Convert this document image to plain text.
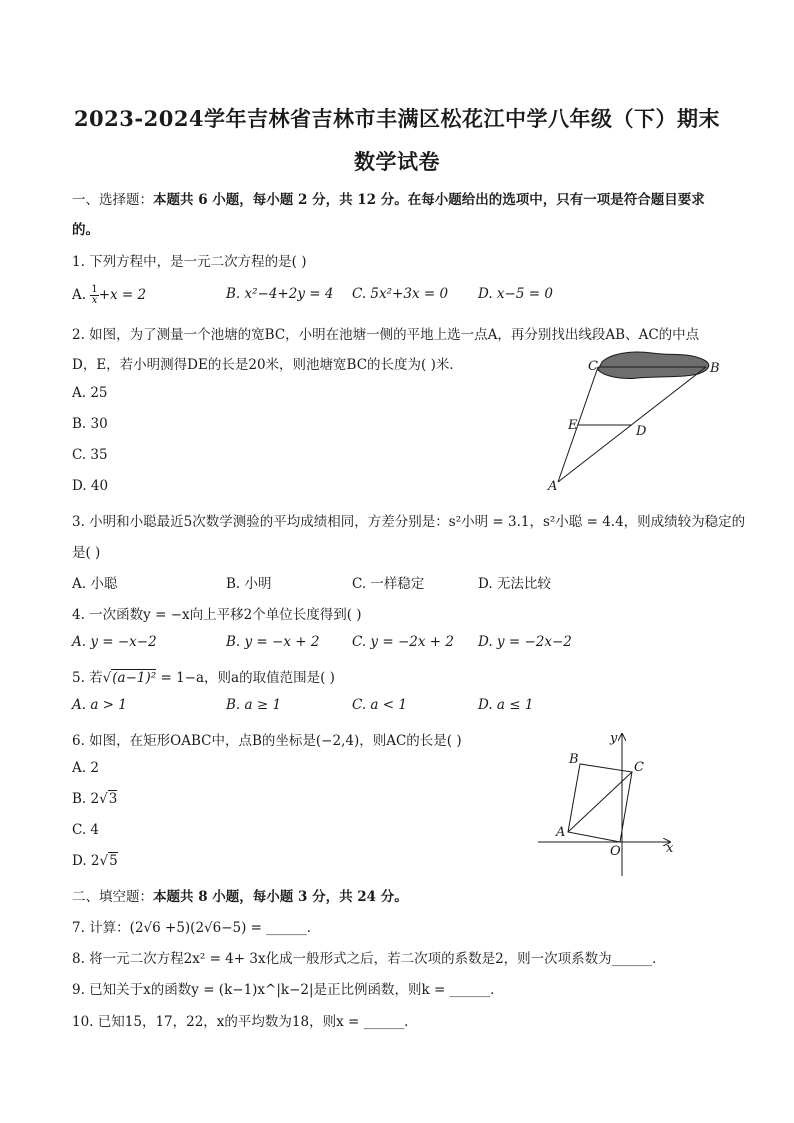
2023-2024学年吉林省吉林市丰满区松花江中学八年级（下）期末
数学试卷
一、选择题：本题共 6 小题，每小题 2 分，共 12 分。在每小题给出的选项中，只有一项是符合题目要求
的。
1. 下列方程中，是一元二次方程的是( )
A. $\frac{1}{x} +x = 2$	B. x²−4+2y = 4 C. 5x²+3x = 0 D. x−5 = 0
2. 如图，为了测量一个池塘的宽BC，小明在池塘一侧的平地上选一点A，再分别找出线段AB、AC的中点
D，E，若小明测得DE的长是20米，则池塘宽BC的长度为( )米．
A. 25
B. 30
C. 35
D. 40
C	B
E	D
A
3. 小明和小聪最近5次数学测验的平均成绩相同，方差分别是：s²小明 = 3.1，s²小聪 = 4.4，则成绩较为稳定的
是( )
A. 小聪	B. 小明	C. 一样稳定	D. 无法比较
4. 一次函数y = −x向上平移2个单位长度得到( )
A. y = −x−2	B. y = −x + 2 C. y = −2x + 2 D. y = −2x−2
5. 若√(a−1)² = 1−a，则a的取值范围是( )
A. a > 1	B. a ≥ 1	C. a < 1	D. a ≤ 1
6. 如图，在矩形OABC中，点B的坐标是(−2,4)，则AC的长是( )
A. 2
B. 2√3
C. 4
D. 2√5
y
B
C
A
O	x
二、填空题：本题共 8 小题，每小题 3 分，共 24 分。
7. 计算：(2√6 +5)(2√6−5) = ______．
8. 将一元二次方程2x² = 4+ 3x化成一般形式之后，若二次项的系数是2，则一次项系数为______．
9. 已知关于x的函数y = (k−1)x^|k−2|是正比例函数，则k = ______．
10. 已知15，17，22，x的平均数为18，则x = ______．
